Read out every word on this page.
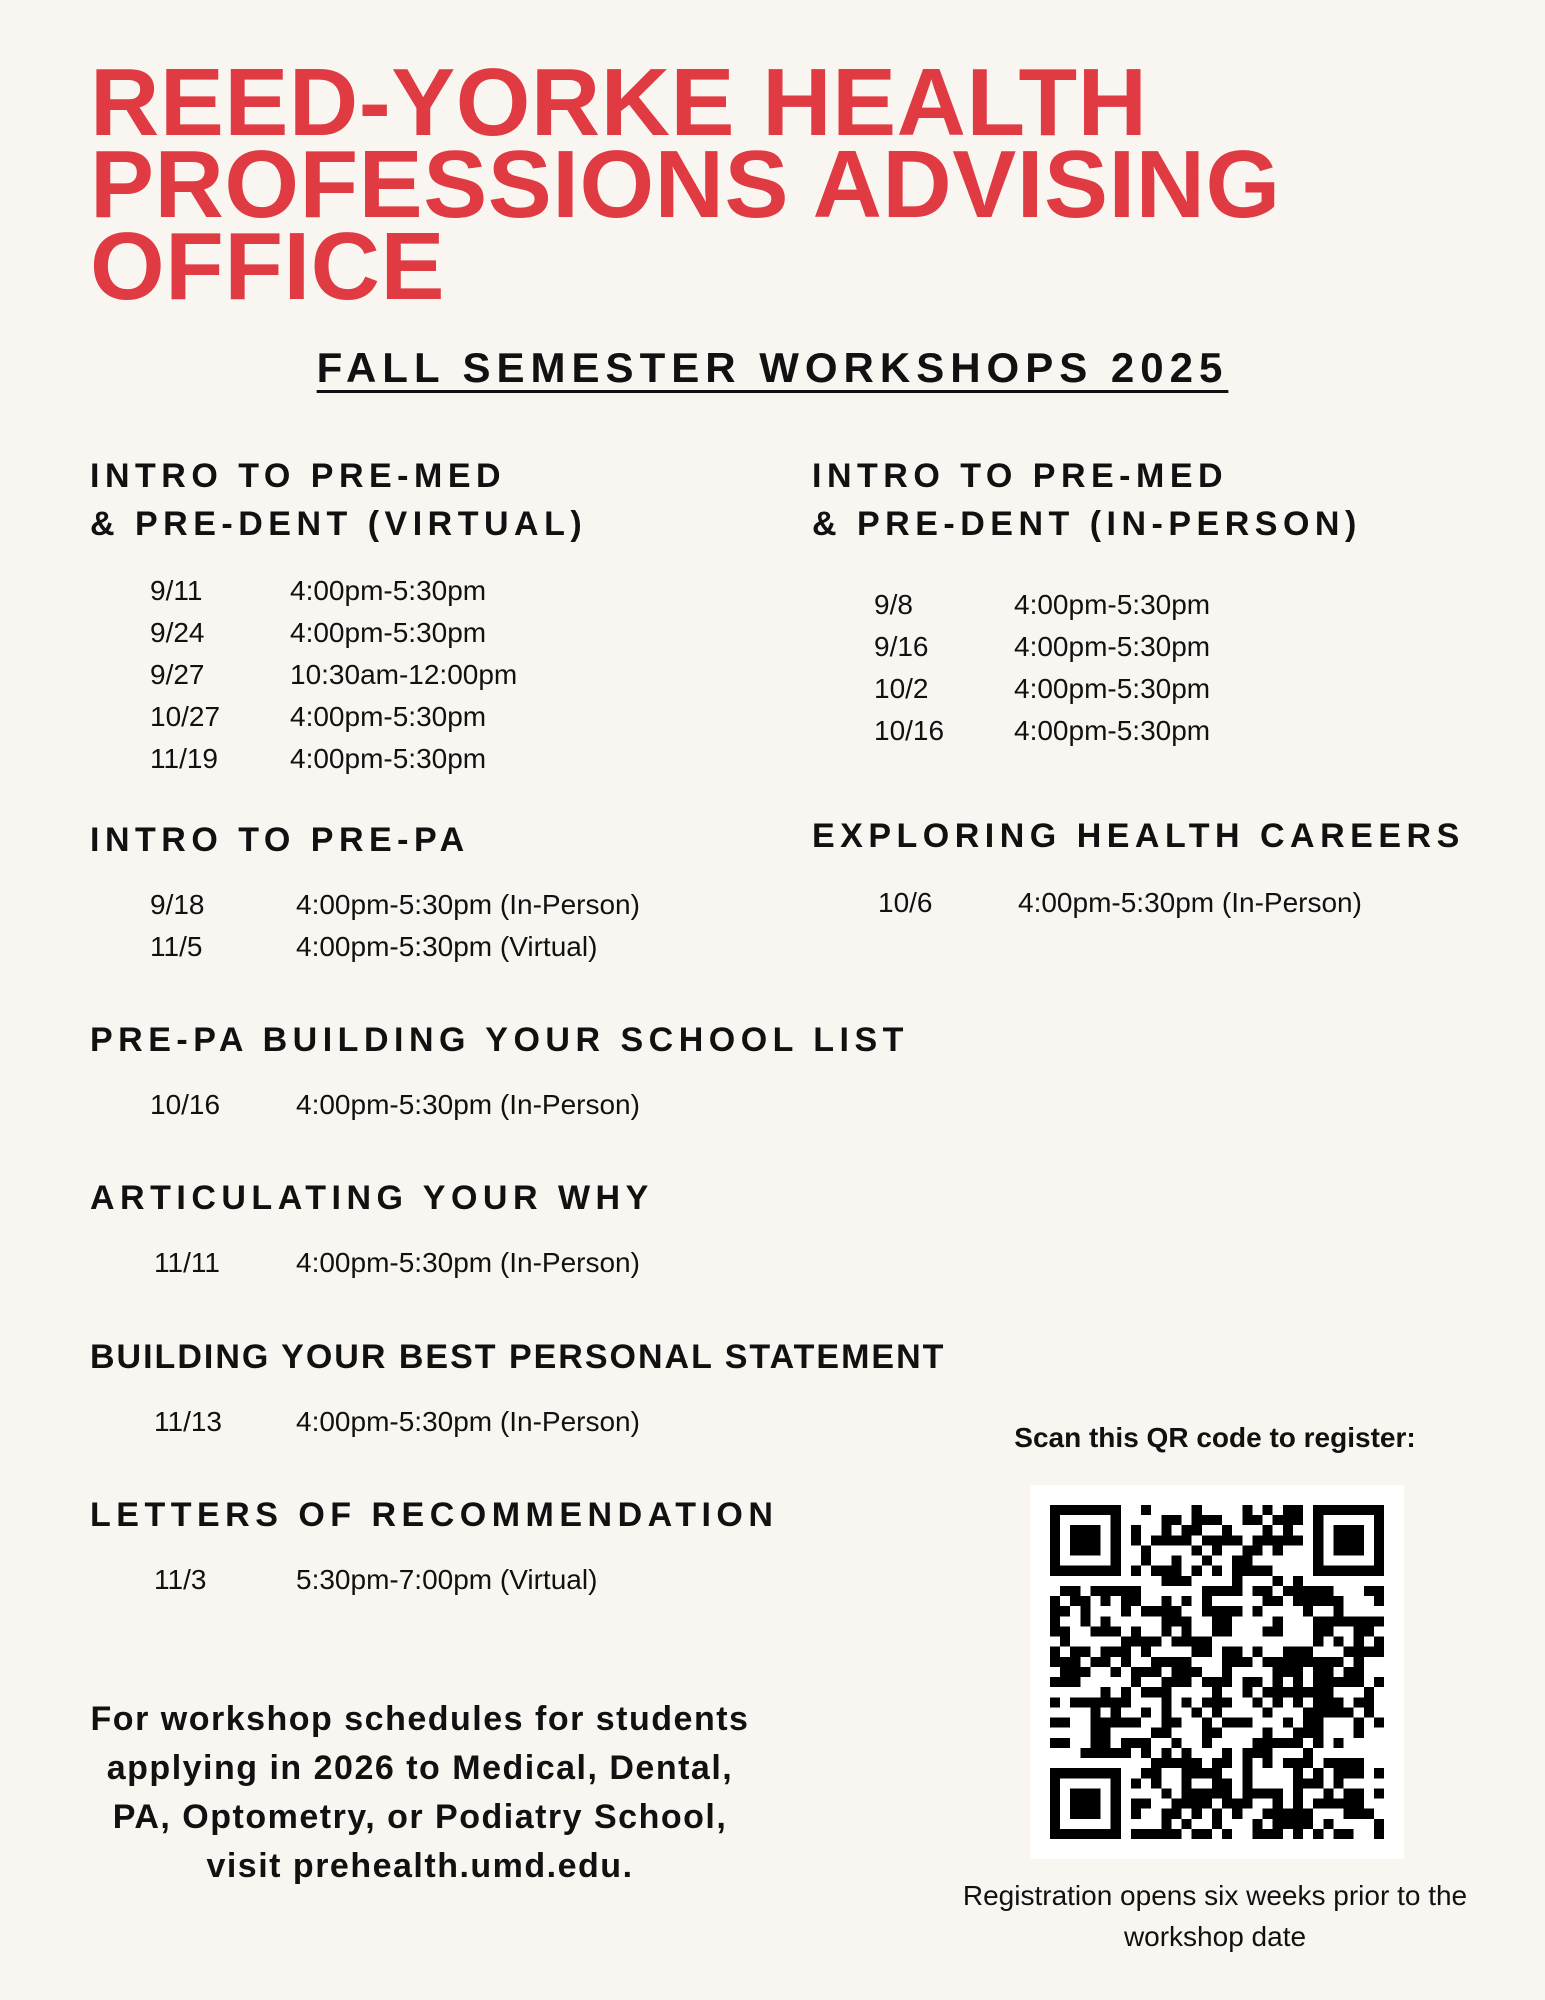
REED-YORKE HEALTH
PROFESSIONS ADVISING
OFFICE
FALL SEMESTER WORKSHOPS 2025
INTRO TO PRE-MED
& PRE-DENT (VIRTUAL)
9/11	4:00pm-5:30pm
9/24	4:00pm-5:30pm
9/27	10:30am-12:00pm
10/27	4:00pm-5:30pm
11/19	4:00pm-5:30pm
INTRO TO PRE-MED
& PRE-DENT (IN-PERSON)
9/8	4:00pm-5:30pm
9/16	4:00pm-5:30pm
10/2	4:00pm-5:30pm
10/16	4:00pm-5:30pm
INTRO TO PRE-PA
9/18	4:00pm-5:30pm (In-Person)
11/5	4:00pm-5:30pm (Virtual)
EXPLORING HEALTH CAREERS
10/6	4:00pm-5:30pm (In-Person)
PRE-PA BUILDING YOUR SCHOOL LIST
10/16	4:00pm-5:30pm (In-Person)
ARTICULATING YOUR WHY
11/11	4:00pm-5:30pm (In-Person)
BUILDING YOUR BEST PERSONAL STATEMENT
11/13	4:00pm-5:30pm (In-Person)
LETTERS OF RECOMMENDATION
11/3	5:30pm-7:00pm (Virtual)
For workshop schedules for students
applying in 2026 to Medical, Dental,
PA, Optometry, or Podiatry School,
visit prehealth.umd.edu.
Scan this QR code to register:
Registration opens six weeks prior to the
workshop date
